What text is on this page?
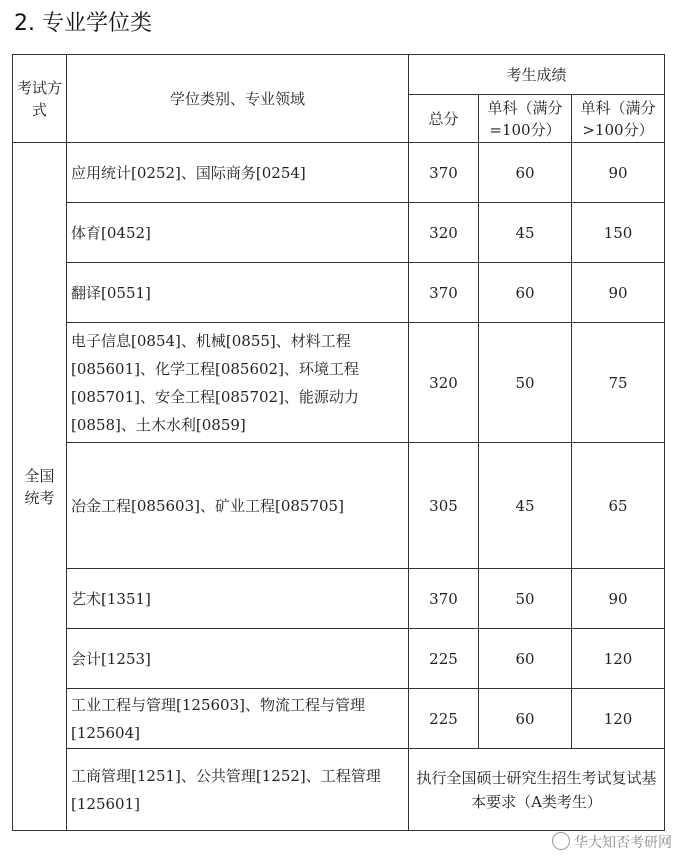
2. 专业学位类
考试方式	学位类别、专业领域	考生成绩		
		总分	单科（满分=100分）	单科（满分>100分）
全国统考	应用统计[0252]、国际商务[0254]	370	60	90
	体育[0452]	320	45	150
	翻译[0551]	370	60	90
	电子信息[0854]、机械[0855]、材料工程[085601]、化学工程[085602]、环境工程[085701]、安全工程[085702]、能源动力[0858]、土木水利[0859]	320	50	75
	冶金工程[085603]、矿业工程[085705]	305	45	65
	艺术[1351]	370	50	90
	会计[1253]	225	60	120
	工业工程与管理[125603]、物流工程与管理[125604]	225	60	120
	工商管理[1251]、公共管理[1252]、工程管理[125601]	执行全国硕士研究生招生考试复试基本要求（A类考生）		
华大知否考研网
